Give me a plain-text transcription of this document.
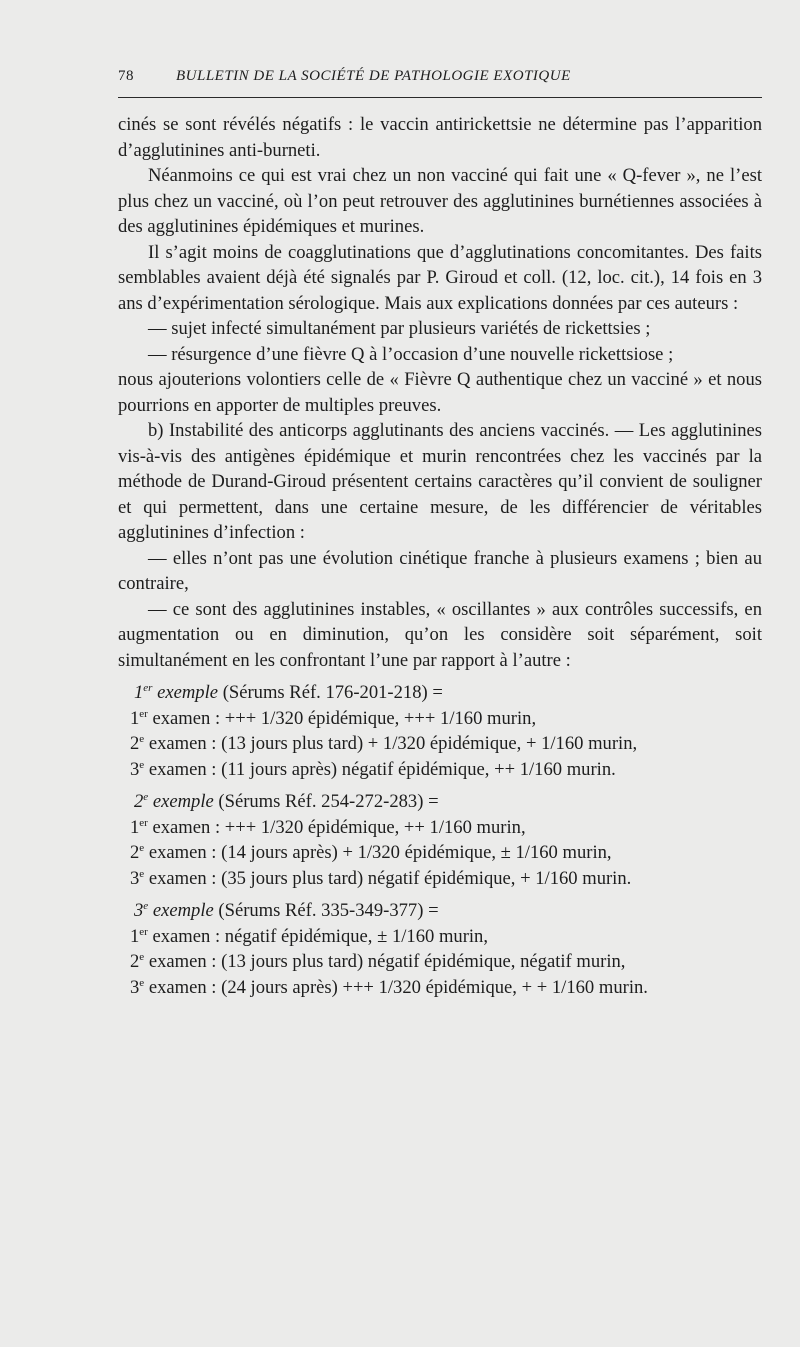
78	BULLETIN DE LA SOCIÉTÉ DE PATHOLOGIE EXOTIQUE

cinés se sont révélés négatifs : le vaccin antirickettsie ne détermine pas l’apparition d’agglutinines anti-burneti.

Néanmoins ce qui est vrai chez un non vacciné qui fait une « Q-fever », ne l’est plus chez un vacciné, où l’on peut retrouver des agglutinines burnétiennes associées à des agglutinines épidémiques et murines.

Il s’agit moins de coagglutinations que d’agglutinations concomitantes. Des faits semblables avaient déjà été signalés par P. Giroud et coll. (12, loc. cit.), 14 fois en 3 ans d’expérimentation sérologique. Mais aux explications données par ces auteurs :

— sujet infecté simultanément par plusieurs variétés de rickettsies ;

— résurgence d’une fièvre Q à l’occasion d’une nouvelle rickettsiose ;

nous ajouterions volontiers celle de « Fièvre Q authentique chez un vacciné » et nous pourrions en apporter de multiples preuves.

b) Instabilité des anticorps agglutinants des anciens vaccinés. — Les agglutinines vis-à-vis des antigènes épidémique et murin rencontrées chez les vaccinés par la méthode de Durand-Giroud présentent certains caractères qu’il convient de souligner et qui permettent, dans une certaine mesure, de les différencier de véritables agglutinines d’infection :

— elles n’ont pas une évolution cinétique franche à plusieurs examens ; bien au contraire,

— ce sont des agglutinines instables, « oscillantes » aux contrôles successifs, en augmentation ou en diminution, qu’on les considère soit séparément, soit simultanément en les confrontant l’une par rapport à l’autre :

1er exemple (Sérums Réf. 176-201-218) =

1er examen : +++ 1/320 épidémique, +++ 1/160 murin,

2e examen : (13 jours plus tard) + 1/320 épidémique, + 1/160 murin,

3e examen : (11 jours après) négatif épidémique, ++ 1/160 murin.

2e exemple (Sérums Réf. 254-272-283) =

1er examen : +++ 1/320 épidémique, ++ 1/160 murin,

2e examen : (14 jours après) + 1/320 épidémique, ± 1/160 murin,

3e examen : (35 jours plus tard) négatif épidémique, + 1/160 murin.

3e exemple (Sérums Réf. 335-349-377) =

1er examen : négatif épidémique, ± 1/160 murin,

2e examen : (13 jours plus tard) négatif épidémique, négatif murin,

3e examen : (24 jours après) +++ 1/320 épidémique, + + 1/160 murin.
